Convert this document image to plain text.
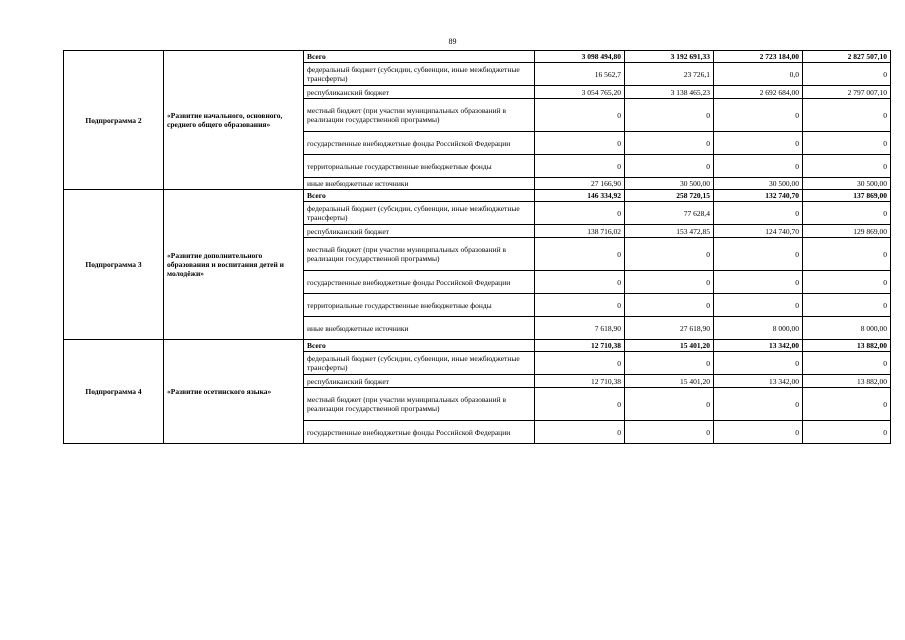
89
Подпрограмма 2	«Развитие начального, основного, среднего общего образования»	Всего	3 098 494,80	3 192 691,33	2 723 184,00	2 827 507,10
		федеральный бюджет (субсидии, субвенции, иные межбюджетные трансферты)	16 562,7	23 726,1	0,0	0
		республиканский бюджет	3 054 765,20	3 138 465,23	2 692 684,00	2 797 007,10
		местный бюджет (при участии муниципальных образований в реализации государственной программы)	0	0	0	0
		государственные внебюджетные фонды Российской Федерации	0	0	0	0
		территориальные государственные внебюджетные фонды	0	0	0	0
		иные внебюджетные источники	27 166,90	30 500,00	30 500,00	30 500,00
Подпрограмма 3	«Развитие дополнительного образования и воспитания детей и молодёжи»	Всего	146 334,92	258 720,15	132 740,70	137 869,00
		федеральный бюджет (субсидии, субвенции, иные межбюджетные трансферты)	0	77 628,4	0	0
		республиканский бюджет	138 716,02	153 472,85	124 740,70	129 869,00
		местный бюджет (при участии муниципальных образований в реализации государственной программы)	0	0	0	0
		государственные внебюджетные фонды Российской Федерации	0	0	0	0
		территориальные государственные внебюджетные фонды	0	0	0	0
		иные внебюджетные источники	7 618,90	27 618,90	8 000,00	8 000,00
Подпрограмма 4	«Развитие осетинского языка»	Всего	12 710,38	15 401,20	13 342,00	13 882,00
		федеральный бюджет (субсидии, субвенции, иные межбюджетные трансферты)	0	0	0	0
		республиканский бюджет	12 710,38	15 401,20	13 342,00	13 882,00
		местный бюджет (при участии муниципальных образований в реализации государственной программы)	0	0	0	0
		государственные внебюджетные фонды Российской Федерации	0	0	0	0
